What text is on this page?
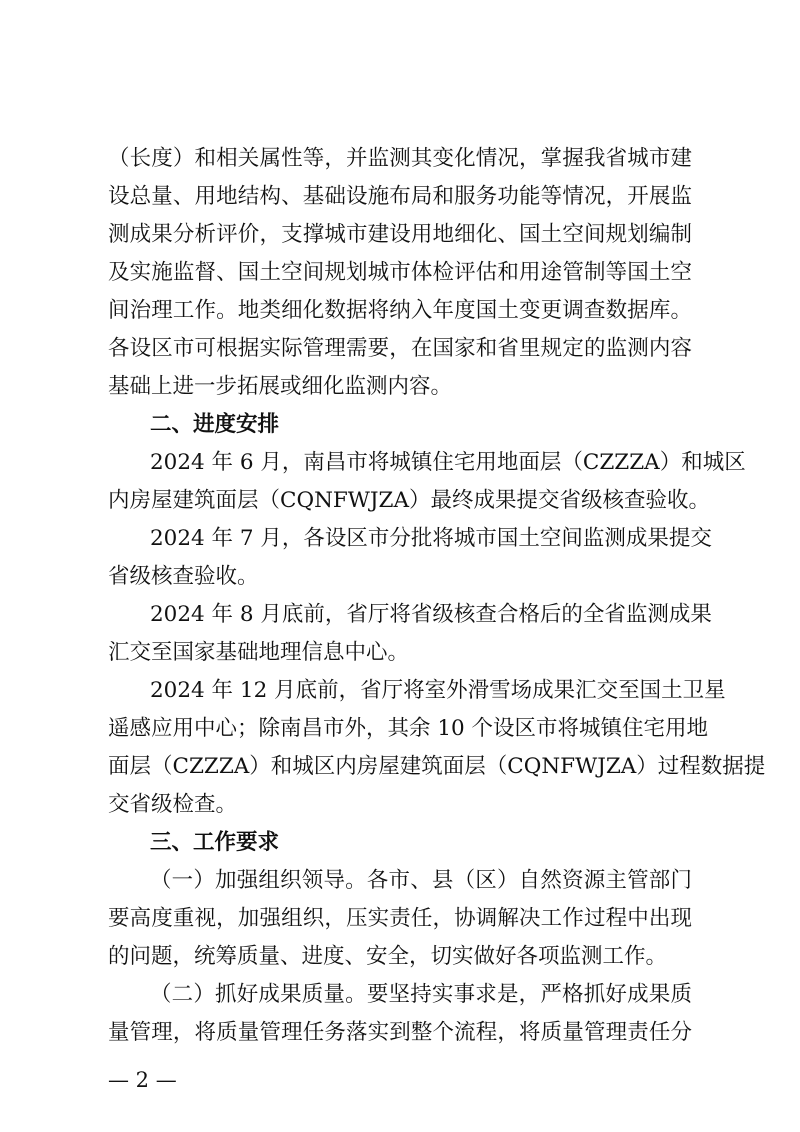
（长度）和相关属性等，并监测其变化情况，掌握我省城市建
设总量、用地结构、基础设施布局和服务功能等情况，开展监
测成果分析评价，支撑城市建设用地细化、国土空间规划编制
及实施监督、国土空间规划城市体检评估和用途管制等国土空
间治理工作。地类细化数据将纳入年度国土变更调查数据库。
各设区市可根据实际管理需要，在国家和省里规定的监测内容
基础上进一步拓展或细化监测内容。
二、进度安排
2024 年 6 月，南昌市将城镇住宅用地面层（CZZZA）和城区
内房屋建筑面层（CQNFWJZA）最终成果提交省级核查验收。
2024 年 7 月，各设区市分批将城市国土空间监测成果提交
省级核查验收。
2024 年 8 月底前，省厅将省级核查合格后的全省监测成果
汇交至国家基础地理信息中心。
2024 年 12 月底前，省厅将室外滑雪场成果汇交至国土卫星
遥感应用中心；除南昌市外，其余 10 个设区市将城镇住宅用地
面层（CZZZA）和城区内房屋建筑面层（CQNFWJZA）过程数据提
交省级检查。
三、工作要求
（一）加强组织领导。各市、县（区）自然资源主管部门
要高度重视，加强组织，压实责任，协调解决工作过程中出现
的问题，统筹质量、进度、安全，切实做好各项监测工作。
（二）抓好成果质量。要坚持实事求是，严格抓好成果质
量管理，将质量管理任务落实到整个流程，将质量管理责任分
— 2 —
